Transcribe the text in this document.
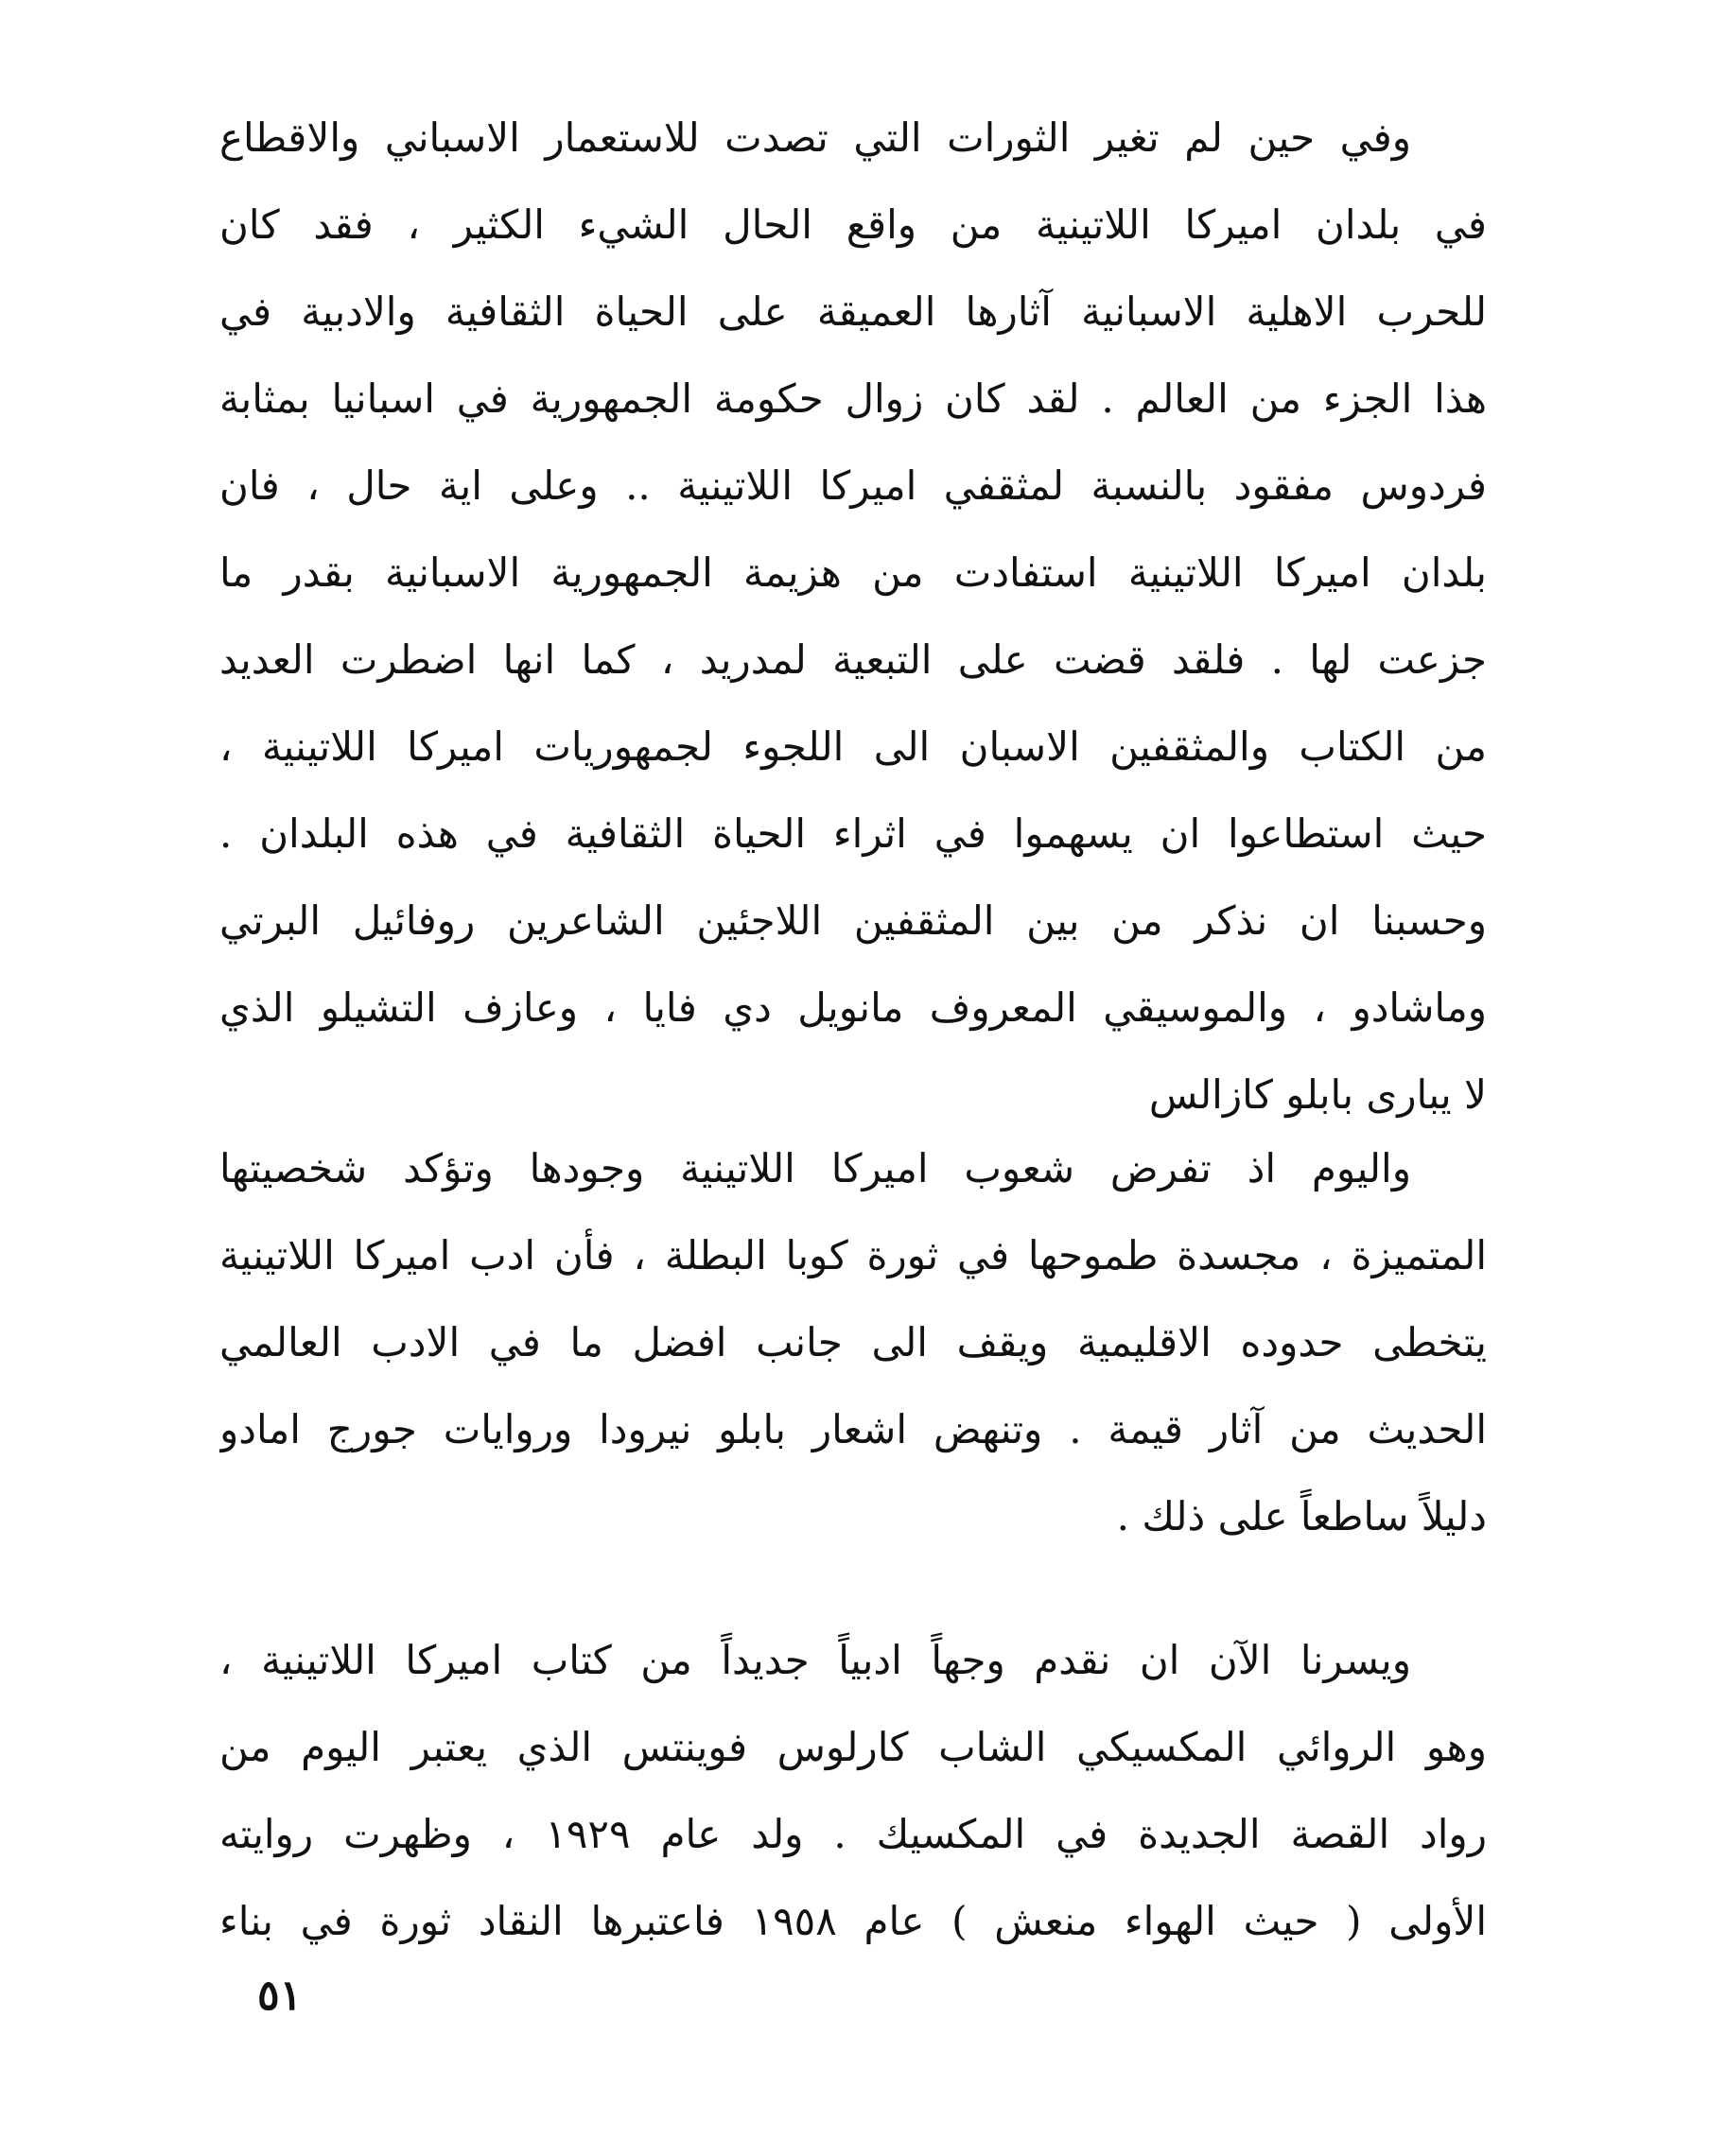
وفي حين لم تغير الثورات التي تصدت للاستعمار الاسباني والاقطاع
في بلدان اميركا اللاتينية من واقع الحال الشيء الكثير ، فقد كان
للحرب الاهلية الاسبانية آثارها العميقة على الحياة الثقافية والادبية في
هذا الجزء من العالم . لقد كان زوال حكومة الجمهورية في اسبانيا بمثابة
فردوس مفقود بالنسبة لمثقفي اميركا اللاتينية .. وعلى اية حال ، فان
بلدان اميركا اللاتينية استفادت من هزيمة الجمهورية الاسبانية بقدر ما
جزعت لها . فلقد قضت على التبعية لمدريد ، كما انها اضطرت العديد
من الكتاب والمثقفين الاسبان الى اللجوء لجمهوريات اميركا اللاتينية ،
حيث استطاعوا ان يسهموا في اثراء الحياة الثقافية في هذه البلدان .
وحسبنا ان نذكر من بين المثقفين اللاجئين الشاعرين روفائيل البرتي
وماشادو ، والموسيقي المعروف مانويل دي فايا ، وعازف التشيلو الذي
لا يبارى بابلو كازالس
واليوم اذ تفرض شعوب اميركا اللاتينية وجودها وتؤكد شخصيتها
المتميزة ، مجسدة طموحها في ثورة كوبا البطلة ، فأن ادب اميركا اللاتينية
يتخطى حدوده الاقليمية ويقف الى جانب افضل ما في الادب العالمي
الحديث من آثار قيمة . وتنهض اشعار بابلو نيرودا وروايات جورج امادو
دليلاً ساطعاً على ذلك .
ويسرنا الآن ان نقدم وجهاً ادبياً جديداً من كتاب اميركا اللاتينية ،
وهو الروائي المكسيكي الشاب كارلوس فوينتس الذي يعتبر اليوم من
رواد القصة الجديدة في المكسيك . ولد عام ١٩٢٩ ، وظهرت روايته
الأولى ( حيث الهواء منعش ) عام ١٩٥٨ فاعتبرها النقاد ثورة في بناء
٥١
